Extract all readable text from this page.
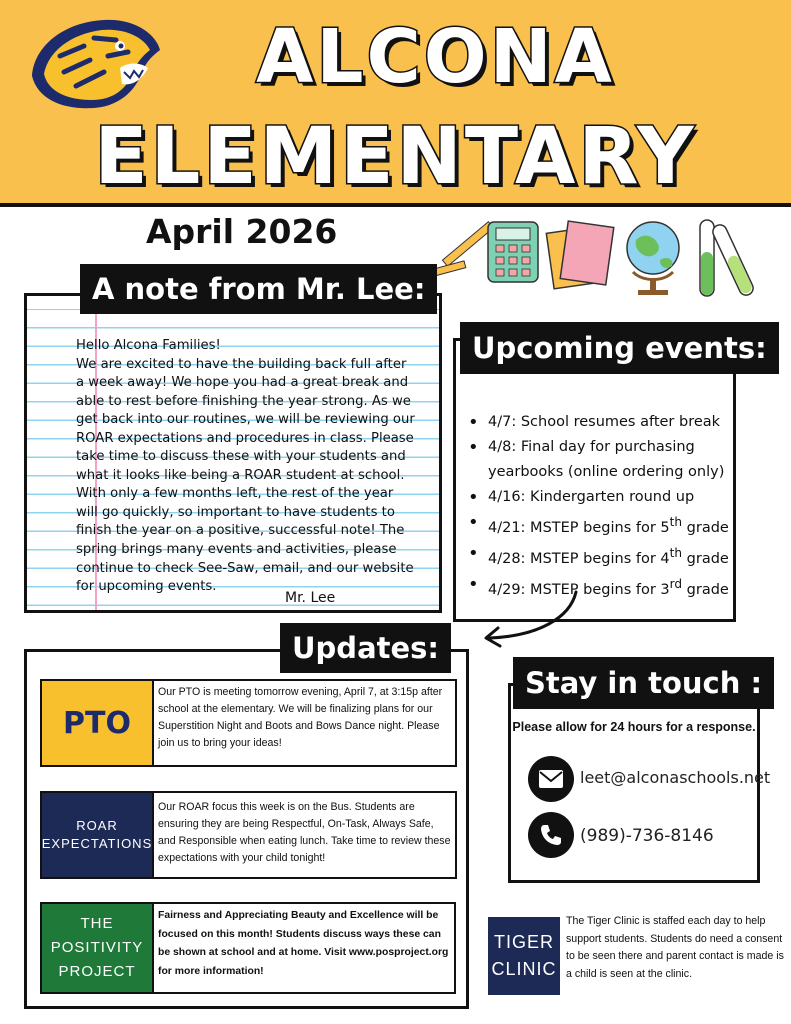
ALCONA
ELEMENTARY
April 2026
A note from Mr. Lee:
Hello Alcona Families!
We are excited to have the building back full after
a week away! We hope you had a great break and
able to rest before finishing the year strong. As we
get back into our routines, we will be reviewing our
ROAR expectations and procedures in class. Please
take time to discuss these with your students and
what it looks like being a ROAR student at school.
With only a few months left, the rest of the year
will go quickly, so important to have students to
finish the year on a positive, successful note! The
spring brings many events and activities, please
continue to check See-Saw, email, and our website
for upcoming events.
Mr. Lee
Upcoming events:
• 4/7: School resumes after break
• 4/8: Final day for purchasing yearbooks (online ordering only)
• 4/16: Kindergarten round up
• 4/21: MSTEP begins for 5th grade
• 4/28: MSTEP begins for 4th grade
• 4/29: MSTEP begins for 3rd grade
Updates:
PTO
Our PTO is meeting tomorrow evening, April 7, at 3:15p after school at the elementary. We will be finalizing plans for our Superstition Night and Boots and Bows Dance night. Please join us to bring your ideas!
ROAR
EXPECTATIONS
Our ROAR focus this week is on the Bus. Students are ensuring they are being Respectful, On-Task, Always Safe, and Responsible when eating lunch. Take time to review these expectations with your child tonight!
THE
POSITIVITY
PROJECT
Fairness and Appreciating Beauty and Excellence will be focused on this month! Students discuss ways these can be shown at school and at home. Visit www.posproject.org for more information!
Stay in touch :
Please allow for 24 hours for a response.
leet@alconaschools.net
(989)-736-8146
TIGER
CLINIC
The Tiger Clinic is staffed each day to help support students. Students do need a consent to be seen there and parent contact is made is a child is seen at the clinic.
